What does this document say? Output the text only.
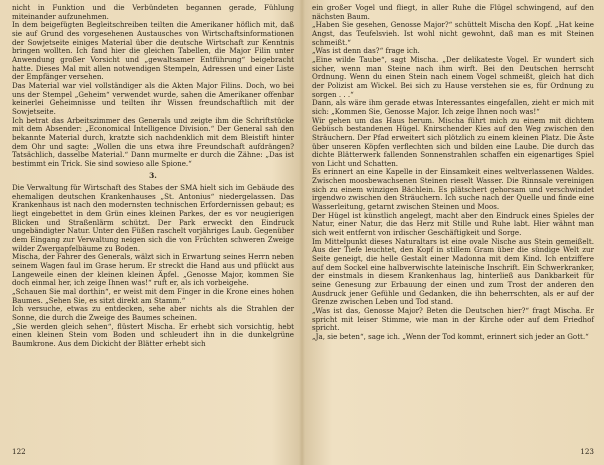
nicht in Funktion und die Verbündeten begannen gerade, Fühlung miteinander aufzunehmen.

In dem beigefügten Begleitschreiben teilten die Amerikaner höflich mit, daß sie auf Grund des vorgesehenen Austausches von Wirtschaftsinformationen der Sowjetseite einiges Material über die deutsche Wirtschaft zur Kenntnis bringen wollten. Ich fand hier die gleichen Tabellen, die Major Filin unter Anwendung großer Vorsicht und „gewaltsamer Entführung“ beigebracht hatte. Dieses Mal mit allen notwendigen Stempeln, Adressen und einer Liste der Empfänger versehen.

Das Material war viel vollständiger als die Akten Major Filins. Doch, wo bei uns der Stempel „Geheim“ verwendet wurde, sahen die Amerikaner offenbar keinerlei Geheimnisse und teilten ihr Wissen freundschaftlich mit der Sowjetseite.

Ich betrat das Arbeitszimmer des Generals und zeigte ihm die Schriftstücke mit dem Absender: „Economical Intelligence Division.“ Der General sah den bekannte Material durch, kratzte sich nachdenklich mit dem Bleistift hinter dem Ohr und sagte: „Wollen die uns etwa ihre Freundschaft aufdrängen? Tatsächlich, dasselbe Material.“ Dann murmelte er durch die Zähne: „Das ist bestimmt ein Trick. Sie sind sowieso alle Spione.“

3.

Die Verwaltung für Wirtschaft des Stabes der SMA hielt sich im Gebäude des ehemaligen deutschen Krankenhauses „St. Antonius“ niedergelassen. Das Krankenhaus ist nach den modernsten technischen Erfordernissen gebaut; es liegt eingebettet in dem Grün eines kleinen Parkes, der es vor neugierigen Blicken und Straßenlärm schützt. Der Park erweckt den Eindruck ungebändigter Natur. Unter den Füßen raschelt vorjähriges Laub. Gegenüber dem Eingang zur Verwaltung neigen sich die von Früchten schweren Zweige wilder Zwergapfelbäume zu Boden.

Mischa, der Fahrer des Generals, wälzt sich in Erwartung seines Herrn neben seinem Wagen faul im Grase herum. Er streckt die Hand aus und pflückt aus Langeweile einen der kleinen kleinen Äpfel. „Genosse Major, kommen Sie doch einmal her, ich zeige Ihnen was!“ ruft er, als ich vorbeigehe.

„Schauen Sie mal dorthin“, er weist mit dem Finger in die Krone eines hohen Baumes. „Sehen Sie, es sitzt direkt am Stamm.“

Ich versuche, etwas zu entdecken, sehe aber nichts als die Strahlen der Sonne, die durch die Zweige des Baumes scheinen.

„Sie werden gleich sehen“, flüstert Mischa. Er erhebt sich vorsichtig, hebt einen kleinen Stein vom Boden und schleudert ihn in die dunkelgrüne Baumkrone. Aus dem Dickicht der Blätter erhebt sich

122

ein großer Vogel und fliegt, in aller Ruhe die Flügel schwingend, auf den nächsten Baum.

„Haben Sie gesehen, Genosse Major?“ schüttelt Mischa den Kopf. „Hat keine Angst, das Teufelsvieh. Ist wohl nicht gewohnt, daß man es mit Steinen schmeißt.“

„Was ist denn das?“ frage ich.

„Eine wilde Taube“, sagt Mischa. „Der delikateste Vogel. Er wundert sich sicher, wenn man Steine nach ihm wirft. Bei den Deutschen herrscht Ordnung. Wenn du einen Stein nach einem Vogel schmeißt, gleich hat dich der Polizist am Wickel. Bei sich zu Hause verstehen sie es, für Ordnung zu sorgen . . .“

Dann, als wäre ihm gerade etwas Interessantes eingefallen, zieht er mich mit sich: „Kommen Sie, Genosse Major. Ich zeige Ihnen noch was!“

Wir gehen um das Haus herum. Mischa führt mich zu einem mit dichtem Gebüsch bestandenen Hügel. Knirschender Kies auf den Weg zwischen den Sträuchern. Der Pfad erweitert sich plötzlich zu einem kleinen Platz. Die Äste über unseren Köpfen verflechten sich und bilden eine Laube. Die durch das dichte Blätterwerk fallenden Sonnenstrahlen schaffen ein eigenartiges Spiel von Licht und Schatten.

Es erinnert an eine Kapelle in der Einsamkeit eines weltverlassenen Waldes. Zwischen moosbewachsenen Steinen rieselt Wasser. Die Rinnsale vereinigen sich zu einem winzigen Bächlein. Es plätschert gehorsam und verschwindet irgendwo zwischen den Sträuchern. Ich suche nach der Quelle und finde eine Wasserleitung, getarnt zwischen Steinen und Moos.

Der Hügel ist künstlich angelegt, macht aber den Eindruck eines Spieles der Natur, einer Natur, die das Herz mit Stille und Ruhe labt. Hier wähnt man sich weit entfernt von irdischer Geschäftigkeit und Sorge.

Im Mittelpunkt dieses Naturaltars ist eine ovale Nische aus Stein gemeißelt. Aus der Tiefe leuchtet, den Kopf in stillem Gram über die sündige Welt zur Seite geneigt, die helle Gestalt einer Madonna mit dem Kind. Ich entziffere auf dem Sockel eine halbverwischte lateinische Inschrift. Ein Schwerkranker, der einstmals in diesem Krankenhaus lag, hinterließ aus Dankbarkeit für seine Genesung zur Erbauung der einen und zum Trost der anderen den Ausdruck jener Gefühle und Gedanken, die ihn beherrschten, als er auf der Grenze zwischen Leben und Tod stand.

„Was ist das, Genosse Major? Beten die Deutschen hier?“ fragt Mischa. Er spricht mit leiser Stimme, wie man in der Kirche oder auf dem Friedhof spricht.

„Ja, sie beten“, sage ich. „Wenn der Tod kommt, erinnert sich jeder an Gott.“

123
